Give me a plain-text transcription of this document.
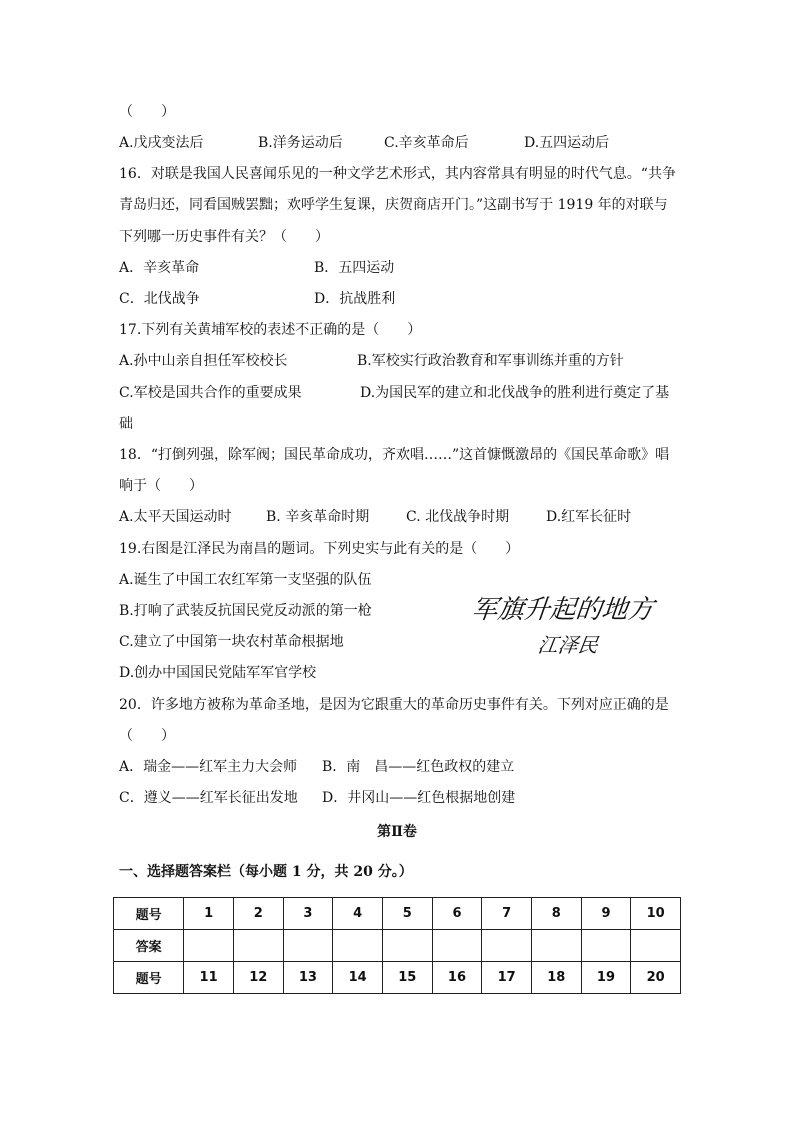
（　　）
A.戊戌变法后	B.洋务运动后	C.辛亥革命后	D.五四运动后
16．对联是我国人民喜闻乐见的一种文学艺术形式，其内容常具有明显的时代气息。“共争
青岛归还，同看国贼罢黜；欢呼学生复课，庆贺商店开门。”这副书写于 1919 年的对联与
下列哪一历史事件有关？（　　）
A．辛亥革命	B．五四运动
C．北伐战争	D．抗战胜利
17.下列有关黄埔军校的表述不正确的是（　　）
A.孙中山亲自担任军校校长	B.军校实行政治教育和军事训练并重的方针
C.军校是国共合作的重要成果	D.为国民军的建立和北伐战争的胜利进行奠定了基
础
18．“打倒列强，除军阀；国民革命成功，齐欢唱……”这首慷慨激昂的《国民革命歌》唱
响于（　　）
A.太平天国运动时 B. 辛亥革命时期	C. 北伐战争时期	D.红军长征时
19.右图是江泽民为南昌的题词。下列史实与此有关的是（　　）
A.诞生了中国工农红军第一支坚强的队伍
B.打响了武装反抗国民党反动派的第一枪
C.建立了中国第一块农村革命根据地
D.创办中国国民党陆军军官学校
军旗升起的地方
江泽民
20．许多地方被称为革命圣地，是因为它跟重大的革命历史事件有关。下列对应正确的是
（　　）
A．瑞金——红军主力大会师 B．南　昌——红色政权的建立
C．遵义——红军长征出发地 D．井冈山——红色根据地创建
第Ⅱ卷
一、选择题答案栏（每小题 1 分，共 20 分。）
题号	1	2	3	4	5	6	7	8	9	10
答案										
题号	11	12	13	14	15	16	17	18	19	20
